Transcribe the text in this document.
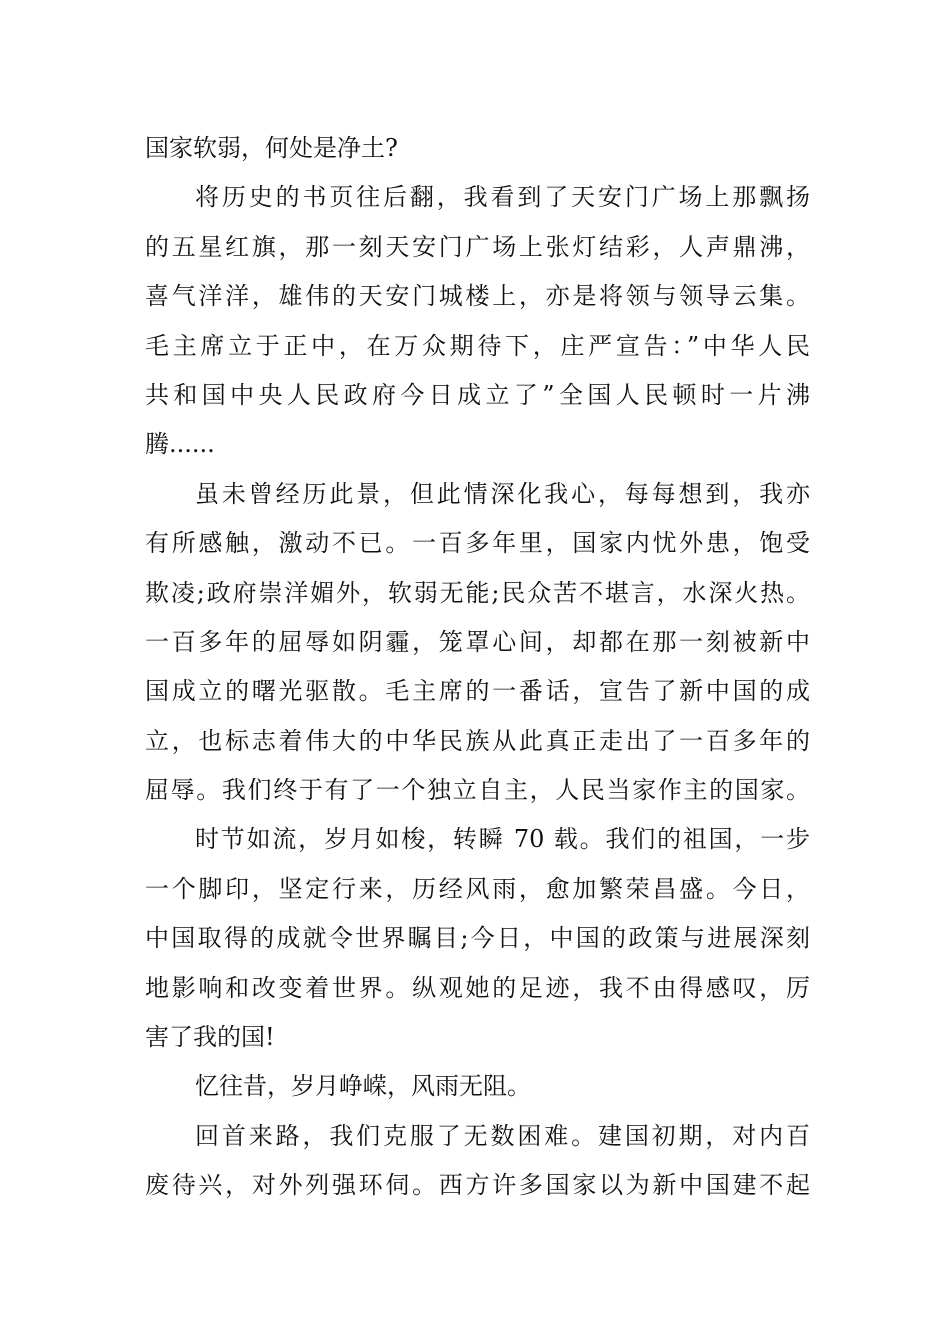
国家软弱，何处是净土?
将历史的书页往后翻，我看到了天安门广场上那飘扬
的五星红旗，那一刻天安门广场上张灯结彩，人声鼎沸，
喜气洋洋，雄伟的天安门城楼上，亦是将领与领导云集。
毛主席立于正中，在万众期待下，庄严宣告：”中华人民
共和国中央人民政府今日成立了”全国人民顿时一片沸
腾......
虽未曾经历此景，但此情深化我心，每每想到，我亦
有所感触，激动不已。一百多年里，国家内忧外患，饱受
欺凌;政府崇洋媚外，软弱无能;民众苦不堪言，水深火热。
一百多年的屈辱如阴霾，笼罩心间，却都在那一刻被新中
国成立的曙光驱散。毛主席的一番话，宣告了新中国的成
立，也标志着伟大的中华民族从此真正走出了一百多年的
屈辱。我们终于有了一个独立自主，人民当家作主的国家。
时节如流，岁月如梭，转瞬 70 载。我们的祖国，一步
一个脚印，坚定行来，历经风雨，愈加繁荣昌盛。今日，
中国取得的成就令世界瞩目;今日，中国的政策与进展深刻
地影响和改变着世界。纵观她的足迹，我不由得感叹，厉
害了我的国!
忆往昔，岁月峥嵘，风雨无阻。
回首来路，我们克服了无数困难。建国初期，对内百
废待兴，对外列强环伺。西方许多国家以为新中国建不起
